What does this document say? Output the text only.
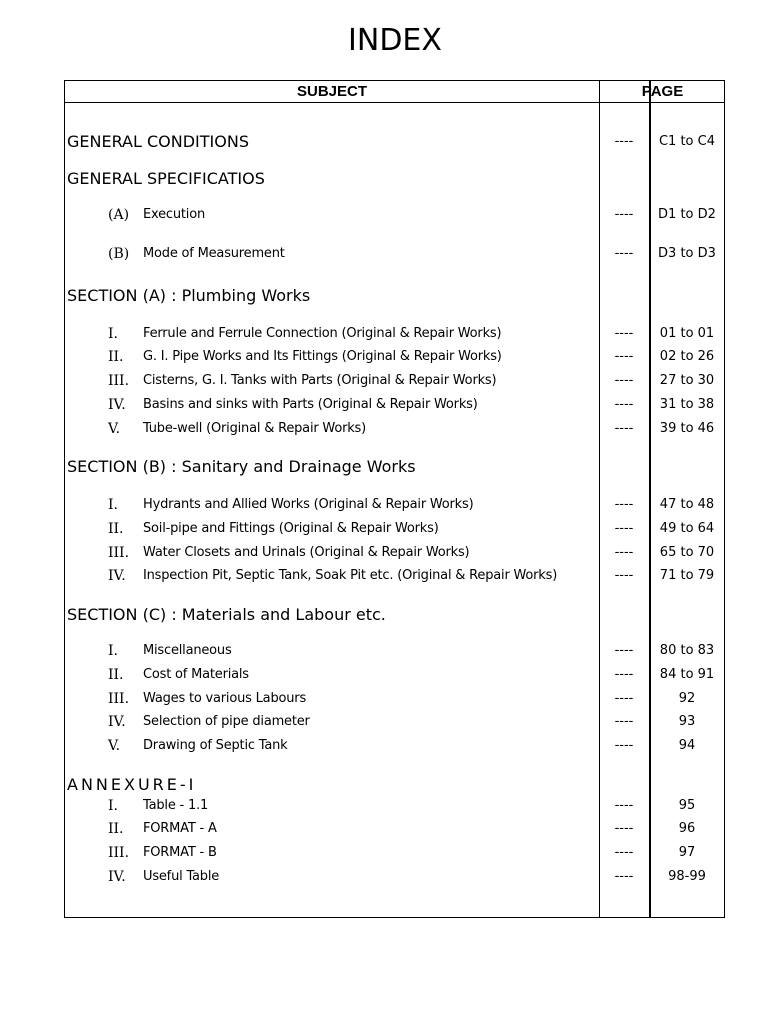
INDEX
SUBJECT	PAGE
GENERAL CONDITIONS	----	C1 to C4
GENERAL SPECIFICATIOS
(A) Execution	----	D1 to D2
(B) Mode of Measurement	----	D3 to D3
SECTION (A) : Plumbing Works
I. Ferrule and Ferrule Connection (Original & Repair Works)	----	01 to 01
II. G. I. Pipe Works and Its Fittings (Original & Repair Works)	----	02 to 26
III. Cisterns, G. I. Tanks with Parts (Original & Repair Works)	----	27 to 30
IV. Basins and sinks with Parts (Original & Repair Works)	----	31 to 38
V. Tube-well (Original & Repair Works)	----	39 to 46
SECTION (B) : Sanitary and Drainage Works
I. Hydrants and Allied Works (Original & Repair Works)	----	47 to 48
II. Soil-pipe and Fittings (Original & Repair Works)	----	49 to 64
III. Water Closets and Urinals (Original & Repair Works)	----	65 to 70
IV. Inspection Pit, Septic Tank, Soak Pit etc. (Original & Repair Works)	----	71 to 79
SECTION (C) : Materials and Labour etc.
I. Miscellaneous	----	80 to 83
II. Cost of Materials	----	84 to 91
III. Wages to various Labours	----	92
IV. Selection of pipe diameter	----	93
V. Drawing of Septic Tank	----	94
ANNEXURE-I
I. Table - 1.1	----	95
II. FORMAT - A	----	96
III. FORMAT - B	----	97
IV. Useful Table	----	98-99
